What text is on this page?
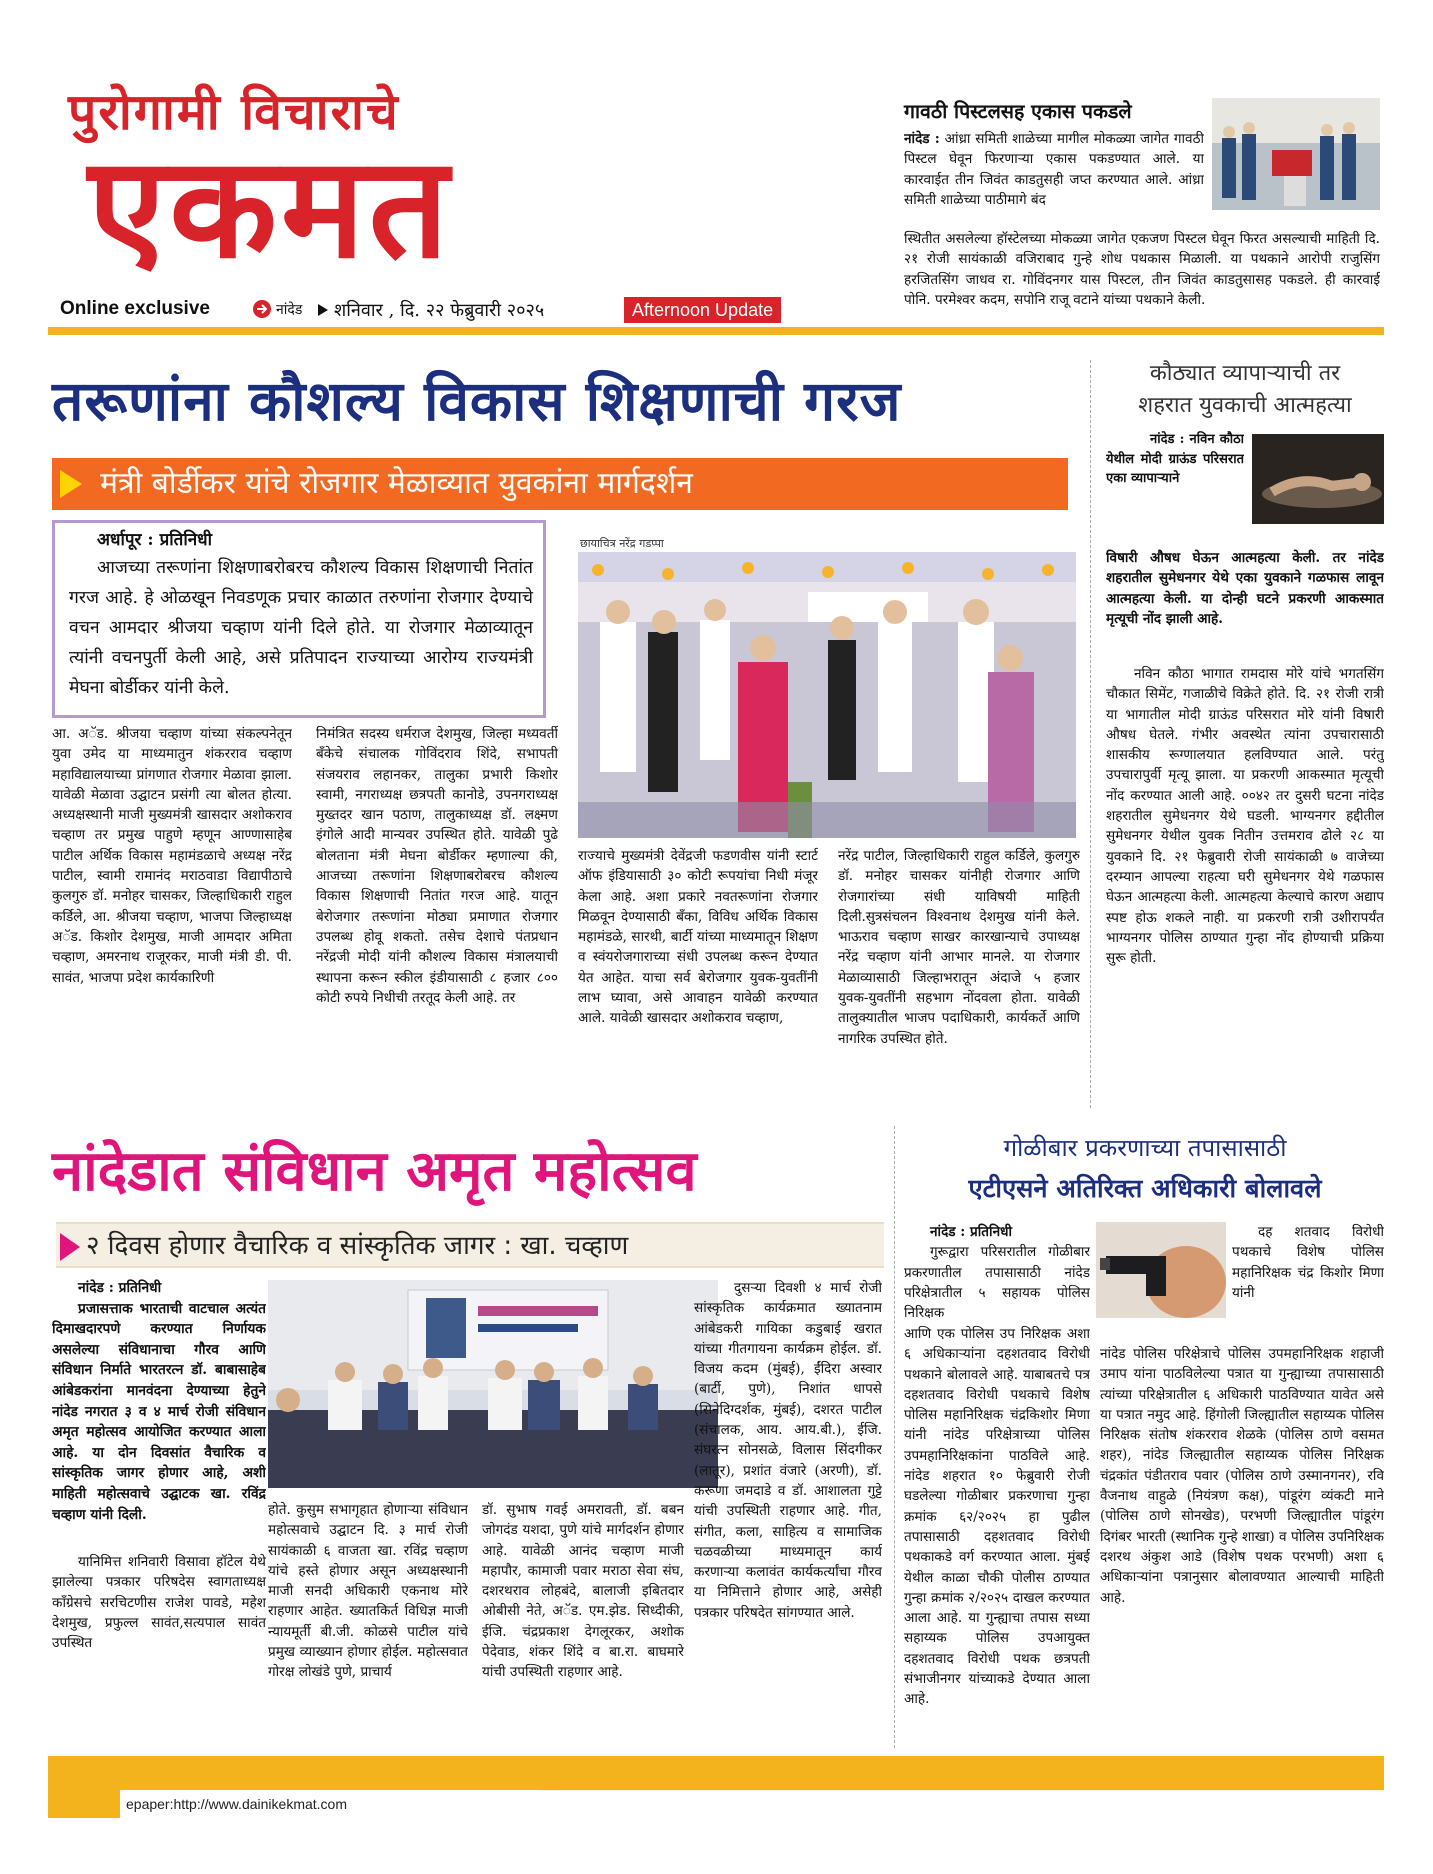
पुरोगामी विचाराचे
एकमत
Online exclusive	नांदेड शनिवार , दि. २२ फेब्रुवारी २०२५	Afternoon Update
गावठी पिस्टलसह एकास पकडले
नांदेड : आंध्रा समिती शाळेच्या मागील मोकळ्या जागेत गावठी पिस्टल घेवून फिरणाऱ्या एकास पकडण्यात आले. या कारवाईत तीन जिवंत काडतुसही जप्त करण्यात आले. आंध्रा समिती शाळेच्या पाठीमागे बंद
स्थितीत असलेल्या हॉस्टेलच्या मोकळ्या जागेत एकजण पिस्टल घेवून फिरत असल्याची माहिती दि. २१ रोजी सायंकाळी वजिराबाद गुन्हे शोध पथकास मिळाली. या पथकाने आरोपी राजुसिंग हरजितसिंग जाधव रा. गोविंदनगर यास पिस्टल, तीन जिवंत काडतुसासह पकडले. ही कारवाई पोनि. परमेश्वर कदम, सपोनि राजू वटाने यांच्या पथकाने केली.
तरूणांना कौशल्य विकास शिक्षणाची गरज
मंत्री बोर्डीकर यांचे रोजगार मेळाव्यात युवकांना मार्गदर्शन
अर्धापूर : प्रतिनिधी
आजच्या तरूणांना शिक्षणाबरोबरच कौशल्य विकास शिक्षणाची नितांत गरज आहे. हे ओळखून निवडणूक प्रचार काळात तरुणांना रोजगार देण्याचे वचन आमदार श्रीजया चव्हाण यांनी दिले होते. या रोजगार मेळाव्यातून त्यांनी वचनपुर्ती केली आहे, असे प्रतिपादन राज्याच्या आरोग्य राज्यमंत्री मेघना बोर्डीकर यांनी केले.
छायाचित्र नरेंद्र गडप्पा
आ. अॅड. श्रीजया चव्हाण यांच्या संकल्पनेतून युवा उमेद या माध्यमातुन शंकरराव चव्हाण महाविद्यालयाच्या प्रांगणात रोजगार मेळावा झाला. यावेळी मेळावा उद्घाटन प्रसंगी त्या बोलत होत्या. अध्यक्षस्थानी माजी मुख्यमंत्री खासदार अशोकराव चव्हाण तर प्रमुख पाहुणे म्हणून आण्णासाहेब पाटील अर्थिक विकास महामंडळाचे अध्यक्ष नरेंद्र पाटील, स्वामी रामानंद मराठवाडा विद्यापीठाचे कुलगुरु डॉ. मनोहर चासकर, जिल्हाधिकारी राहुल कर्डिले, आ. श्रीजया चव्हाण, भाजपा जिल्हाध्यक्ष अॅड. किशोर देशमुख, माजी आमदार अमिता चव्हाण, अमरनाथ राजूरकर, माजी मंत्री डी. पी. सावंत, भाजपा प्रदेश कार्यकारिणी
निमंत्रित सदस्य धर्मराज देशमुख, जिल्हा मध्यवर्ती बँकेचे संचालक गोविंदराव शिंदे, सभापती संजयराव लहानकर, तालुका प्रभारी किशोर स्वामी, नगराध्यक्ष छत्रपती कानोडे, उपनगराध्यक्ष मुख्तदर खान पठाण, तालुकाध्यक्ष डॉ. लक्ष्मण इंगोले आदी मान्यवर उपस्थित होते. यावेळी पुढे बोलताना मंत्री मेघना बोर्डीकर म्हणाल्या की, आजच्या तरूणांना शिक्षणाबरोबरच कौशल्य विकास शिक्षणाची नितांत गरज आहे. यातून बेरोजगार तरूणांना मोठ्या प्रमाणात रोजगार उपलब्ध होवू शकतो. तसेच देशाचे पंतप्रधान नरेंद्रजी मोदी यांनी कौशल्य विकास मंत्रालयाची स्थापना करून स्कील इंडीयासाठी ८ हजार ८०० कोटी रुपये निधीची तरतूद केली आहे. तर
राज्याचे मुख्यमंत्री देवेंद्रजी फडणवीस यांनी स्टार्ट ऑफ इंडियासाठी ३० कोटी रूपयांचा निधी मंजूर केला आहे. अशा प्रकारे नवतरूणांना रोजगार मिळवून देण्यासाठी बँका, विविध अर्थिक विकास महामंडळे, सारथी, बार्टी यांच्या माध्यमातून शिक्षण व स्वंयरोजगाराच्या संधी उपलब्ध करून देण्यात येत आहेत. याचा सर्व बेरोजगार युवक-युवतींनी लाभ घ्यावा, असे आवाहन यावेळी करण्यात आले. यावेळी खासदार अशोकराव चव्हाण,
नरेंद्र पाटील, जिल्हाधिकारी राहुल कर्डिले, कुलगुरु डॉ. मनोहर चासकर यांनीही रोजगार आणि रोजगारांच्या संधी याविषयी माहिती दिली.सुत्रसंचलन विश्वनाथ देशमुख यांनी केले. भाऊराव चव्हाण साखर कारखान्याचे उपाध्यक्ष नरेंद्र चव्हाण यांनी आभार मानले. या रोजगार मेळाव्यासाठी जिल्हाभरातून अंदाजे ५ हजार युवक-युवतींनी सहभाग नोंदवला होता. यावेळी तालुक्यातील भाजप पदाधिकारी, कार्यकर्ते आणि नागरिक उपस्थित होते.
कौठ्यात व्यापाऱ्याची तर
शहरात युवकाची आत्महत्या
नांदेड : नविन कौठा येथील मोदी ग्राऊंड परिसरात एका व्यापाऱ्याने
विषारी औषध घेऊन आत्महत्या केली. तर नांदेड शहरातील सुमेधनगर येथे एका युवकाने गळफास लावून आत्महत्या केली. या दोन्ही घटने प्रकरणी आकस्मात मृत्यूची नोंद झाली आहे.
नविन कौठा भागात रामदास मोरे यांचे भगतसिंग चौकात सिमेंट, गजाळीचे विक्रेते होते. दि. २१ रोजी रात्री या भागातील मोदी ग्राऊंड परिसरात मोरे यांनी विषारी औषध घेतले. गंभीर अवस्थेत त्यांना उपचारासाठी शासकीय रूग्णालयात हलविण्यात आले. परंतु उपचारापुर्वी मृत्यू झाला. या प्रकरणी आकस्मात मृत्यूची नोंद करण्यात आली आहे. ००४२ तर दुसरी घटना नांदेड शहरातील सुमेधनगर येथे घडली. भाग्यनगर हद्दीतील सुमेधनगर येथील युवक नितीन उत्तमराव ढोले २८ या युवकाने दि. २१ फेब्रुवारी रोजी सायंकाळी ७ वाजेच्या दरम्यान आपल्या राहत्या घरी सुमेधनगर येथे गळफास घेऊन आत्महत्या केली. आत्महत्या केल्याचे कारण अद्याप स्पष्ट होऊ शकले नाही. या प्रकरणी रात्री उशीरापर्यंत भाग्यनगर पोलिस ठाण्यात गुन्हा नोंद होण्याची प्रक्रिया सुरू होती.
नांदेडात संविधान अमृत महोत्सव
२ दिवस होणार वैचारिक व सांस्कृतिक जागर : खा. चव्हाण
नांदेड : प्रतिनिधी
प्रजासत्ताक भारताची वाटचाल अत्यंत दिमाखदारपणे करण्यात निर्णायक असलेल्या संविधानाचा गौरव आणि संविधान निर्माते भारतरत्न डॉ. बाबासाहेब आंबेडकरांना मानवंदना देण्याच्या हेतुने नांदेड नगरात ३ व ४ मार्च रोजी संविधान अमृत महोत्सव आयोजित करण्यात आला आहे. या दोन दिवसांत वैचारिक व सांस्कृतिक जागर होणार आहे, अशी माहिती महोत्सवाचे उद्घाटक खा. रविंद्र चव्हाण यांनी दिली.
यानिमित्त शनिवारी विसावा हॉटेल येथे झालेल्या पत्रकार परिषदेस स्वागताध्यक्ष काँग्रेसचे सरचिटणीस राजेश पावडे, महेश देशमुख, प्रफुल्ल सावंत,सत्यपाल सावंत उपस्थित
होते. कुसुम सभागृहात होणाऱ्या संविधान महोत्सवाचे उद्घाटन दि. ३ मार्च रोजी सायंकाळी ६ वाजता खा. रविंद्र चव्हाण यांचे हस्ते होणार असून अध्यक्षस्थानी माजी सनदी अधिकारी एकनाथ मोरे राहणार आहेत. ख्यातकिर्त विधिज्ञ माजी न्यायमूर्ती बी.जी. कोळसे पाटील यांचे प्रमुख व्याख्यान होणार होईल. महोत्सवात गोरक्ष लोखंडे पुणे, प्राचार्य
डॉ. सुभाष गवई अमरावती, डॉ. बबन जोगदंड यशदा, पुणे यांचे मार्गदर्शन होणार आहे. यावेळी आनंद चव्हाण माजी महापौर, कामाजी पवार मराठा सेवा संघ, दशरथराव लोहबंदे, बालाजी इबितदार ओबीसी नेते, अॅड. एम.झेड. सिध्दीकी, ईजि. चंद्रप्रकाश देगलूरकर, अशोक पेदेवाड, शंकर शिंदे व बा.रा. बाघमारे यांची उपस्थिती राहणार आहे.
दुसऱ्या दिवशी ४ मार्च रोजी सांस्कृतिक कार्यक्रमात ख्यातनाम आंबेडकरी गायिका कडुबाई खरात यांच्या गीतगायना कार्यक्रम होईल. डॉ. विजय कदम (मुंबई), ईंदिरा अस्वार (बार्टी, पुणे), निशांत धापसे (सिनेदिग्दर्शक, मुंबई), दशरत पाटील (संचालक, आय. आय.बी.), ईजि. संघरत्न सोनसळे, विलास सिंदगीकर (लातूर), प्रशांत वंजारे (अरणी), डॉ. करूणा जमदाडे व डॉ. आशालता गुट्टे यांची उपस्थिती राहणार आहे. गीत, संगीत, कला, साहित्य व सामाजिक चळवळीच्या माध्यमातून कार्य करणाऱ्या कलावंत कार्यकर्त्यांचा गौरव या निमित्ताने होणार आहे, असेही पत्रकार परिषदेत सांगण्यात आले.
गोळीबार प्रकरणाच्या तपासासाठी
एटीएसने अतिरिक्त अधिकारी बोलावले
नांदेड : प्रतिनिधी
गुरूद्वारा परिसरातील गोळीबार प्रकरणातील तपासासाठी नांदेड परिक्षेत्रातील ५ सहायक पोलिस निरिक्षक
दह शतवाद विरोधी पथकाचे विशेष पोलिस महानिरिक्षक चंद्र किशोर मिणा यांनी
आणि एक पोलिस उप निरिक्षक अशा ६ अधिकाऱ्यांना दहशतवाद विरोधी पथकाने बोलावले आहे. याबाबतचे पत्र दहशतवाद विरोधी पथकाचे विशेष पोलिस महानिरिक्षक चंद्रकिशोर मिणा यांनी नांदेड परिक्षेत्राच्या पोलिस उपमहानिरिक्षकांना पाठविले आहे. नांदेड शहरात १० फेब्रुवारी रोजी घडलेल्या गोळीबार प्रकरणाचा गुन्हा क्रमांक ६२/२०२५ हा पुढील तपासासाठी दहशतवाद विरोधी पथकाकडे वर्ग करण्यात आला. मुंबई येथील काळा चौकी पोलीस ठाण्यात गुन्हा क्रमांक २/२०२५ दाखल करण्यात आला आहे. या गुन्ह्याचा तपास सध्या सहाय्यक पोलिस उपआयुक्त दहशतवाद विरोधी पथक छत्रपती संभाजीनगर यांच्याकडे देण्यात आला आहे.
नांदेड पोलिस परिक्षेत्राचे पोलिस उपमहानिरिक्षक शहाजी उमाप यांना पाठविलेल्या पत्रात या गुन्ह्याच्या तपासासाठी त्यांच्या परिक्षेत्रातील ६ अधिकारी पाठविण्यात यावेत असे या पत्रात नमुद आहे. हिंगोली जिल्ह्यातील सहाय्यक पोलिस निरिक्षक संतोष शंकरराव शेळके (पोलिस ठाणे वसमत शहर), नांदेड जिल्ह्यातील सहाय्यक पोलिस निरिक्षक चंद्रकांत पंडीतराव पवार (पोलिस ठाणे उस्मानगनर), रवि वैजनाथ वाहुळे (नियंत्रण कक्ष), पांडूरंग व्यंकटी माने (पोलिस ठाणे सोनखेड), परभणी जिल्ह्यातील पांडूरंग दिगंबर भारती (स्थानिक गुन्हे शाखा) व पोलिस उपनिरिक्षक दशरथ अंकुश आडे (विशेष पथक परभणी) अशा ६ अधिकाऱ्यांना पत्रानुसार बोलावण्यात आल्याची माहिती आहे.
epaper:http://www.dainikekmat.com
